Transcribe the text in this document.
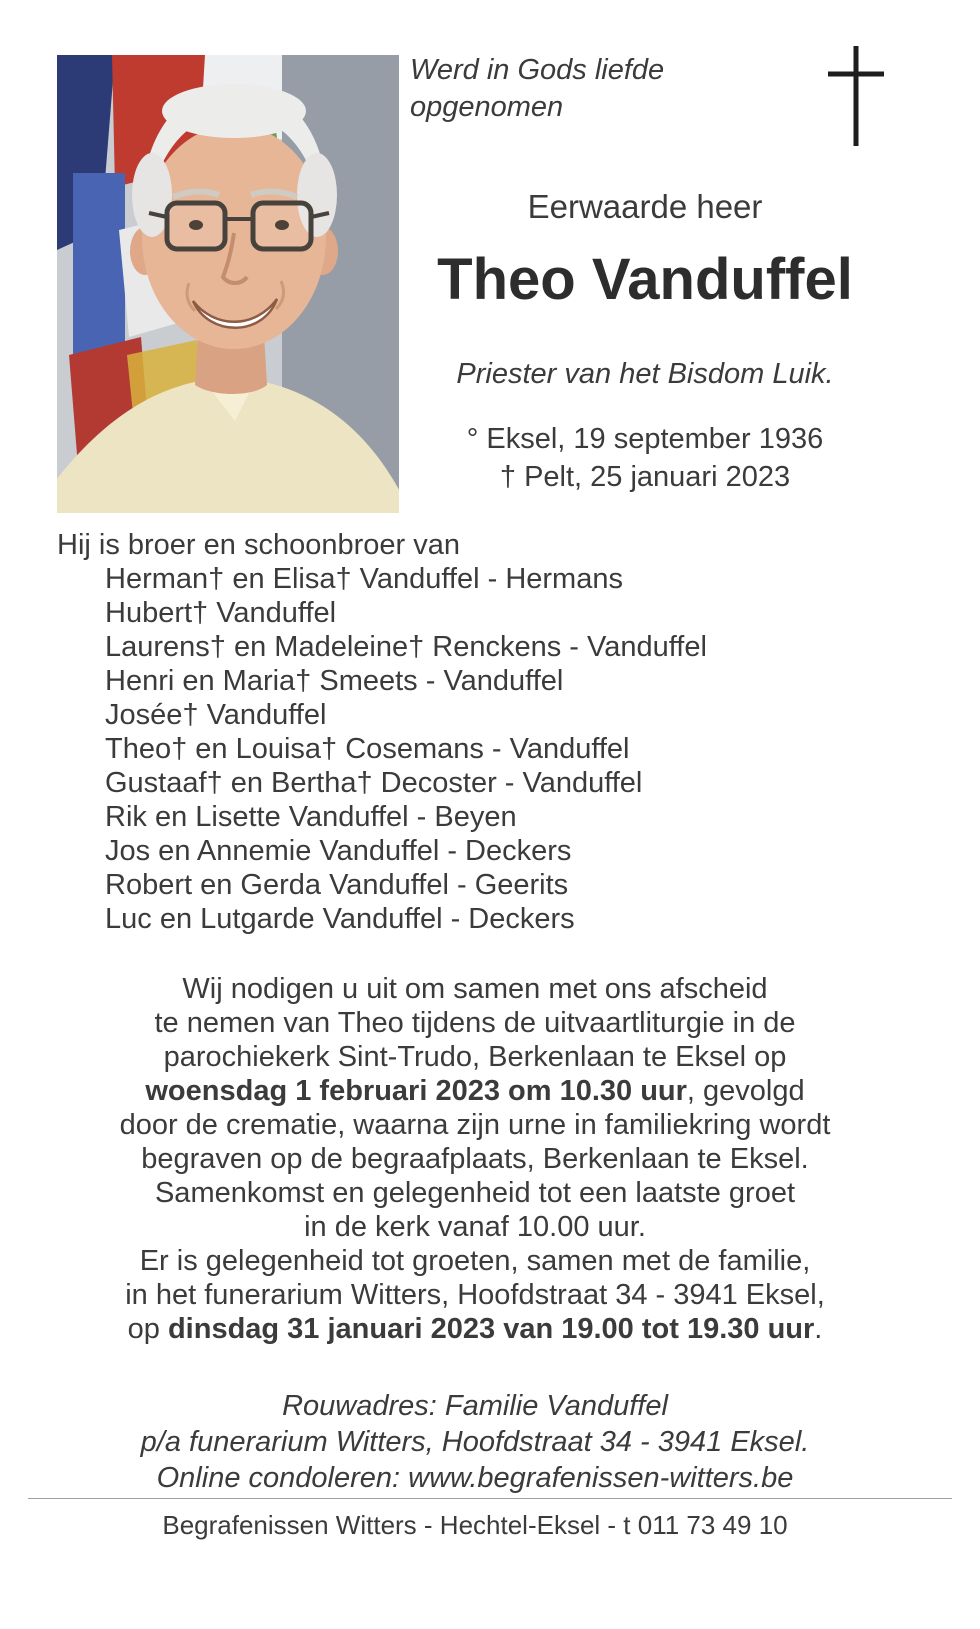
Werd in Gods liefde
opgenomen
Eerwaarde heer
Theo Vanduffel
Priester van het Bisdom Luik.
° Eksel, 19 september 1936
† Pelt, 25 januari 2023
Hij is broer en schoonbroer van
Herman† en Elisa† Vanduffel - Hermans
Hubert† Vanduffel
Laurens† en Madeleine† Renckens - Vanduffel
Henri en Maria† Smeets - Vanduffel
Josée† Vanduffel
Theo† en Louisa† Cosemans - Vanduffel
Gustaaf† en Bertha† Decoster - Vanduffel
Rik en Lisette Vanduffel - Beyen
Jos en Annemie Vanduffel - Deckers
Robert en Gerda Vanduffel - Geerits
Luc en Lutgarde Vanduffel - Deckers
Wij nodigen u uit om samen met ons afscheid
te nemen van Theo tijdens de uitvaartliturgie in de
parochiekerk Sint-Trudo, Berkenlaan te Eksel op
woensdag 1 februari 2023 om 10.30 uur, gevolgd
door de crematie, waarna zijn urne in familiekring wordt
begraven op de begraafplaats, Berkenlaan te Eksel.
Samenkomst en gelegenheid tot een laatste groet
in de kerk vanaf 10.00 uur.
Er is gelegenheid tot groeten, samen met de familie,
in het funerarium Witters, Hoofdstraat 34 - 3941 Eksel,
op dinsdag 31 januari 2023 van 19.00 tot 19.30 uur.
Rouwadres: Familie Vanduffel
p/a funerarium Witters, Hoofdstraat 34 - 3941 Eksel.
Online condoleren: www.begrafenissen-witters.be
Begrafenissen Witters - Hechtel-Eksel - t 011 73 49 10
